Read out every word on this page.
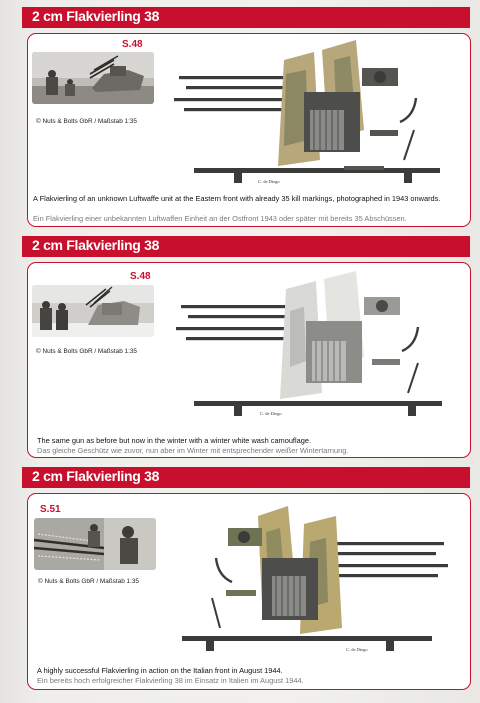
2 cm Flakvierling 38
S.48
© Nuts & Bolts GbR / Maßstab 1:35
C. de Diego
A Flakvierling of an unknown Luftwaffe unit at the Eastern front with already 35 kill markings, photographed in 1943 onwards.
Ein Flakvierling einer unbekannten Luftwaffen Einheit an der Ostfront 1943 oder später mit bereits 35 Abschüssen.
2 cm Flakvierling 38
S.48
© Nuts & Bolts GbR / Maßstab 1:35
C. de Diego
The same gun as before but now in the winter with a winter white wash camouflage.
Das gleiche Geschütz wie zuvor, nun aber im Winter mit entsprechender weißer Wintertarnung.
2 cm Flakvierling 38
S.51
© Nuts & Bolts GbR / Maßstab 1:35
C. de Diego
A highly successful Flakvierling in action on the Italian front in August 1944.
Ein bereits hoch erfolgreicher Flakvierling 38 im Einsatz in Italien im August 1944.
